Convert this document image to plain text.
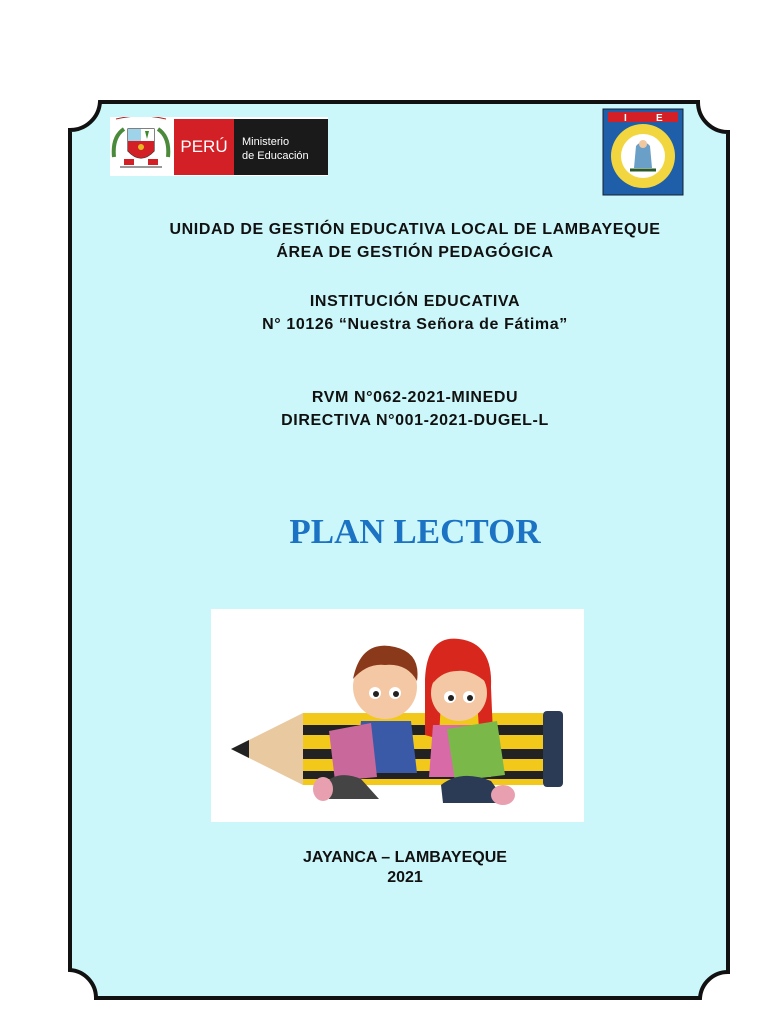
PERÚ	Ministerio
de Educación
I	E
UNIDAD DE GESTIÓN EDUCATIVA LOCAL DE LAMBAYEQUE
ÁREA DE GESTIÓN PEDAGÓGICA
INSTITUCIÓN EDUCATIVA
N° 10126 “Nuestra Señora de Fátima”
RVM N°062-2021-MINEDU
DIRECTIVA N°001-2021-DUGEL-L
PLAN LECTOR
JAYANCA – LAMBAYEQUE
2021
